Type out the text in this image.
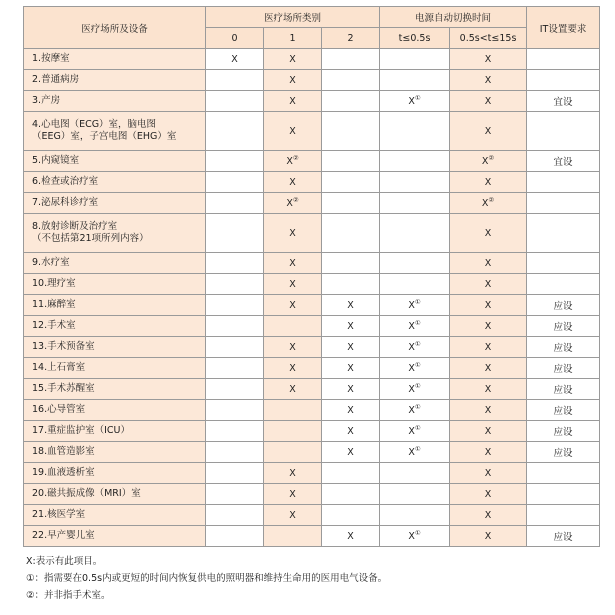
医疗场所及设备	医疗场所类别			电源自动切换时间		IT设置要求
	0	1	2	t≤0.5s	0.5s<t≤15s	

1.按摩室	X	X			X	

2.普通病房		X			X	

3.产房		X		X①	X	宜设

4.心电图（ECG）室，脑电图
（EEG）室，子宫电图（EHG）室		X			X	

5.内窥镜室		X②			X②	宜设

6.检查或治疗室		X			X	

7.泌尿科诊疗室		X②			X②	

8.放射诊断及治疗室
（不包括第21项所列内容）		X			X	

9.水疗室		X			X	

10.理疗室		X			X	

11.麻醉室		X	X	X①	X	应设

12.手术室			X	X①	X	应设

13.手术预备室		X	X	X①	X	应设

14.上石膏室		X	X	X①	X	应设

15.手术苏醒室		X	X	X①	X	应设

16.心导管室			X	X①	X	应设

17.重症监护室（ICU）			X	X①	X	应设

18.血管造影室			X	X①	X	应设

19.血液透析室		X			X	

20.磁共振成像（MRI）室		X			X	

21.核医学室		X			X	

22.早产婴儿室			X	X①	X	应设
X:表示有此项目。
①：指需要在0.5s内或更短的时间内恢复供电的照明器和维持生命用的医用电气设备。
②：并非指手术室。
